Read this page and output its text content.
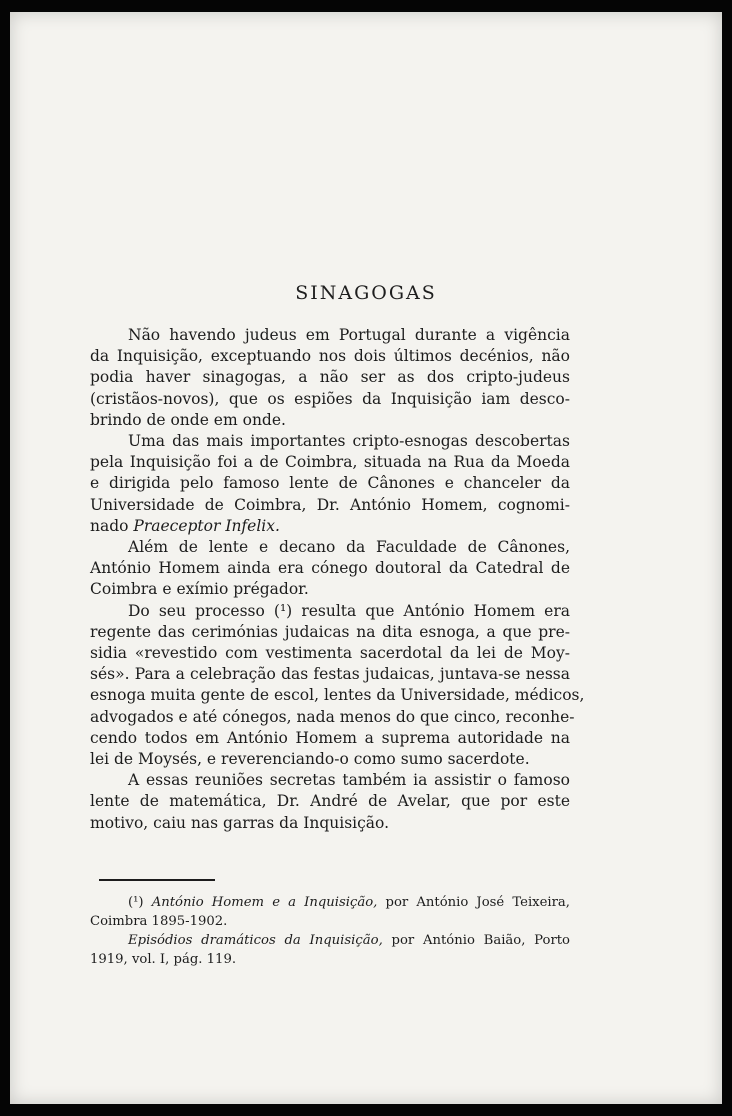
SINAGOGAS
Não havendo judeus em Portugal durante a vigência
da Inquisição, exceptuando nos dois últimos decénios, não
podia haver sinagogas, a não ser as dos cripto-judeus
(cristãos-novos), que os espiões da Inquisição iam desco-
brindo de onde em onde.
Uma das mais importantes cripto-esnogas descobertas
pela Inquisição foi a de Coimbra, situada na Rua da Moeda
e dirigida pelo famoso lente de Cânones e chanceler da
Universidade de Coimbra, Dr. António Homem, cognomi-
nado Praeceptor Infelix.
Além de lente e decano da Faculdade de Cânones,
António Homem ainda era cónego doutoral da Catedral de
Coimbra e exímio prégador.
Do seu processo (¹) resulta que António Homem era
regente das cerimónias judaicas na dita esnoga, a que pre-
sidia «revestido com vestimenta sacerdotal da lei de Moy-
sés». Para a celebração das festas judaicas, juntava-se nessa
esnoga muita gente de escol, lentes da Universidade, médicos,
advogados e até cónegos, nada menos do que cinco, reconhe-
cendo todos em António Homem a suprema autoridade na
lei de Moysés, e reverenciando-o como sumo sacerdote.
A essas reuniões secretas também ia assistir o famoso
lente de matemática, Dr. André de Avelar, que por este
motivo, caiu nas garras da Inquisição.
(¹) António Homem e a Inquisição, por António José Teixeira,
Coimbra 1895-1902.
Episódios dramáticos da Inquisição, por António Baião, Porto
1919, vol. I, pág. 119.
